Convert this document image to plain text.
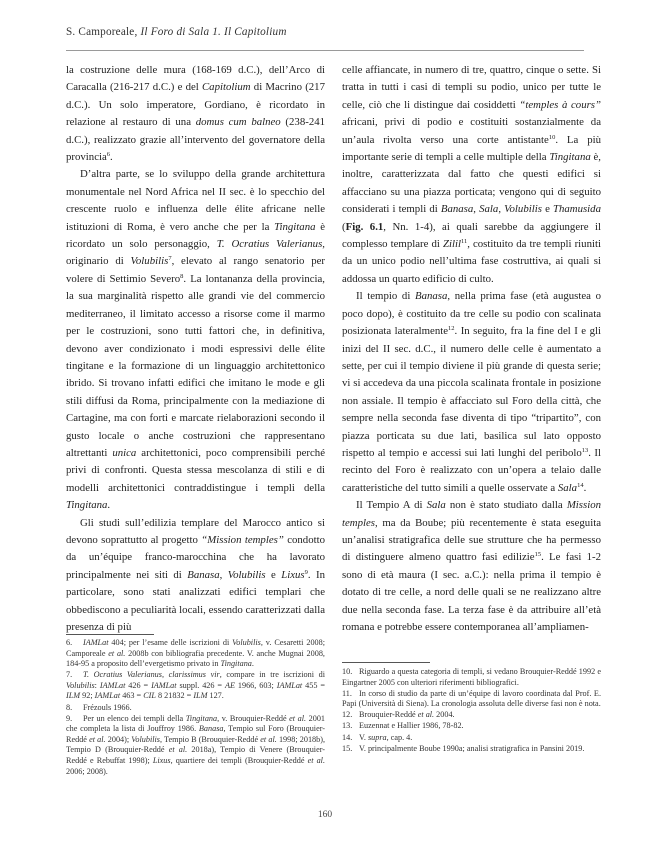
S. Camporeale, Il Foro di Sala 1. Il Capitolium

la costruzione delle mura (168-169 d.C.), dell’Arco di Caracalla (216-217 d.C.) e del Capitolium di Macrino (217 d.C.). Un solo imperatore, Gordiano, è ricordato in relazione al restauro di una domus cum balneo (238-241 d.C.), realizzato grazie all’intervento del governatore della provincia$^6$.

D’altra parte, se lo sviluppo della grande architettura monumentale nel Nord Africa nel II sec. è lo specchio del crescente ruolo e influenza delle élite africane nelle istituzioni di Roma, è vero anche che per la Tingitana è ricordato un solo personaggio, T. Ocratius Valerianus, originario di Volubilis$^7$, elevato al rango senatorio per volere di Settimio Severo$^8$. La lontananza della provincia, la sua marginalità rispetto alle grandi vie del commercio mediterraneo, il limitato accesso a risorse come il marmo per le costruzioni, sono tutti fattori che, in definitiva, devono aver condizionato i modi espressivi delle élite tingitane e la formazione di un linguaggio architettonico ibrido. Si trovano infatti edifici che imitano le mode e gli stili diffusi da Roma, principalmente con la mediazione di Cartagine, ma con forti e marcate rielaborazioni secondo il gusto locale o anche costruzioni che rappresentano altrettanti unica architettonici, poco comprensibili perché privi di confronti. Questa stessa mescolanza di stili e di modelli architettonici contraddistingue i templi della Tingitana.

Gli studi sull’edilizia templare del Marocco antico si devono soprattutto al progetto “Mission temples” condotto da un’équipe franco-marocchina che ha lavorato principalmente nei siti di Banasa, Volubilis e Lixus$^9$. In particolare, sono stati analizzati edifici templari che obbediscono a peculiarità locali, essendo caratterizzati dalla presenza di più

celle affiancate, in numero di tre, quattro, cinque o sette. Si tratta in tutti i casi di templi su podio, unico per tutte le celle, ciò che li distingue dai cosiddetti “temples à cours” africani, privi di podio e costituiti sostanzialmente da un’aula rivolta verso una corte antistante$^{10}$. La più importante serie di templi a celle multiple della Tingitana è, inoltre, caratterizzata dal fatto che questi edifici si affacciano su una piazza porticata; vengono qui di seguito considerati i templi di Banasa, Sala, Volubilis e Thamusida (Fig. 6.1, Nn. 1-4), ai quali sarebbe da aggiungere il complesso templare di Zilil$^{11}$, costituito da tre templi riuniti da un unico podio nell’ultima fase costruttiva, ai quali si addossa un quarto edificio di culto.

Il tempio di Banasa, nella prima fase (età augustea o poco dopo), è costituito da tre celle su podio con scalinata posizionata lateralmente$^{12}$. In seguito, fra la fine del I e gli inizi del II sec. d.C., il numero delle celle è aumentato a sette, per cui il tempio diviene il più grande di questa serie; vi si accedeva da una piccola scalinata frontale in posizione non assiale. Il tempio è affacciato sul Foro della città, che sempre nella seconda fase diventa di tipo “tripartito”, con piazza porticata su due lati, basilica sul lato opposto rispetto al tempio e accessi sui lati lunghi del peribolo$^{13}$. Il recinto del Foro è realizzato con un’opera a telaio dalle caratteristiche del tutto simili a quelle osservate a Sala$^{14}$.

Il Tempio A di Sala non è stato studiato dalla Mission temples, ma da Boube; più recentemente è stata eseguita un’analisi stratigrafica delle sue strutture che ha permesso di distinguere almeno quattro fasi edilizie$^{15}$. Le fasi 1-2 sono di età maura (I sec. a.C.): nella prima il tempio è dotato di tre celle, a nord delle quali se ne realizzano altre due nella seconda fase. La terza fase è da attribuire all’età romana e potrebbe essere contemporanea all’ampliamen-

6. IAMLat 404; per l’esame delle iscrizioni di Volubilis, v. Cesaretti 2008; Camporeale et al. 2008b con bibliografia precedente. V. anche Mugnai 2008, 184-95 a proposito dell’evergetismo privato in Tingitana.

7. T. Ocratius Valerianus, clarissimus vir, compare in tre iscrizioni di Volubilis: IAMLat 426 = IAMLat suppl. 426 = AE 1966, 603; IAMLat 455 = ILM 92; IAMLat 463 = CIL 8 21832 = ILM 127.

8. Frézouls 1966.

9. Per un elenco dei templi della Tingitana, v. Brouquier-Reddé et al. 2001 che completa la lista di Jouffroy 1986. Banasa, Tempio sul Foro (Brouquier-Reddé et al. 2004); Volubilis, Tempio B (Brouquier-Reddé et al. 1998; 2018b), Tempio D (Brouquier-Reddé et al. 2018a), Tempio di Venere (Brouquier-Reddé e Rebuffat 1998); Lixus, quartiere dei templi (Brouquier-Reddé et al. 2006; 2008).

10. Riguardo a questa categoria di templi, si vedano Brouquier-Reddé 1992 e Eingartner 2005 con ulteriori riferimenti bibliografici.

11. In corso di studio da parte di un’équipe di lavoro coordinata dal Prof. E. Papi (Università di Siena). La cronologia assoluta delle diverse fasi non è nota.

12. Brouquier-Reddé et al. 2004.

13. Euzennat e Hallier 1986, 78-82.

14. V. supra, cap. 4.

15. V. principalmente Boube 1990a; analisi stratigrafica in Pansini 2019.

160
